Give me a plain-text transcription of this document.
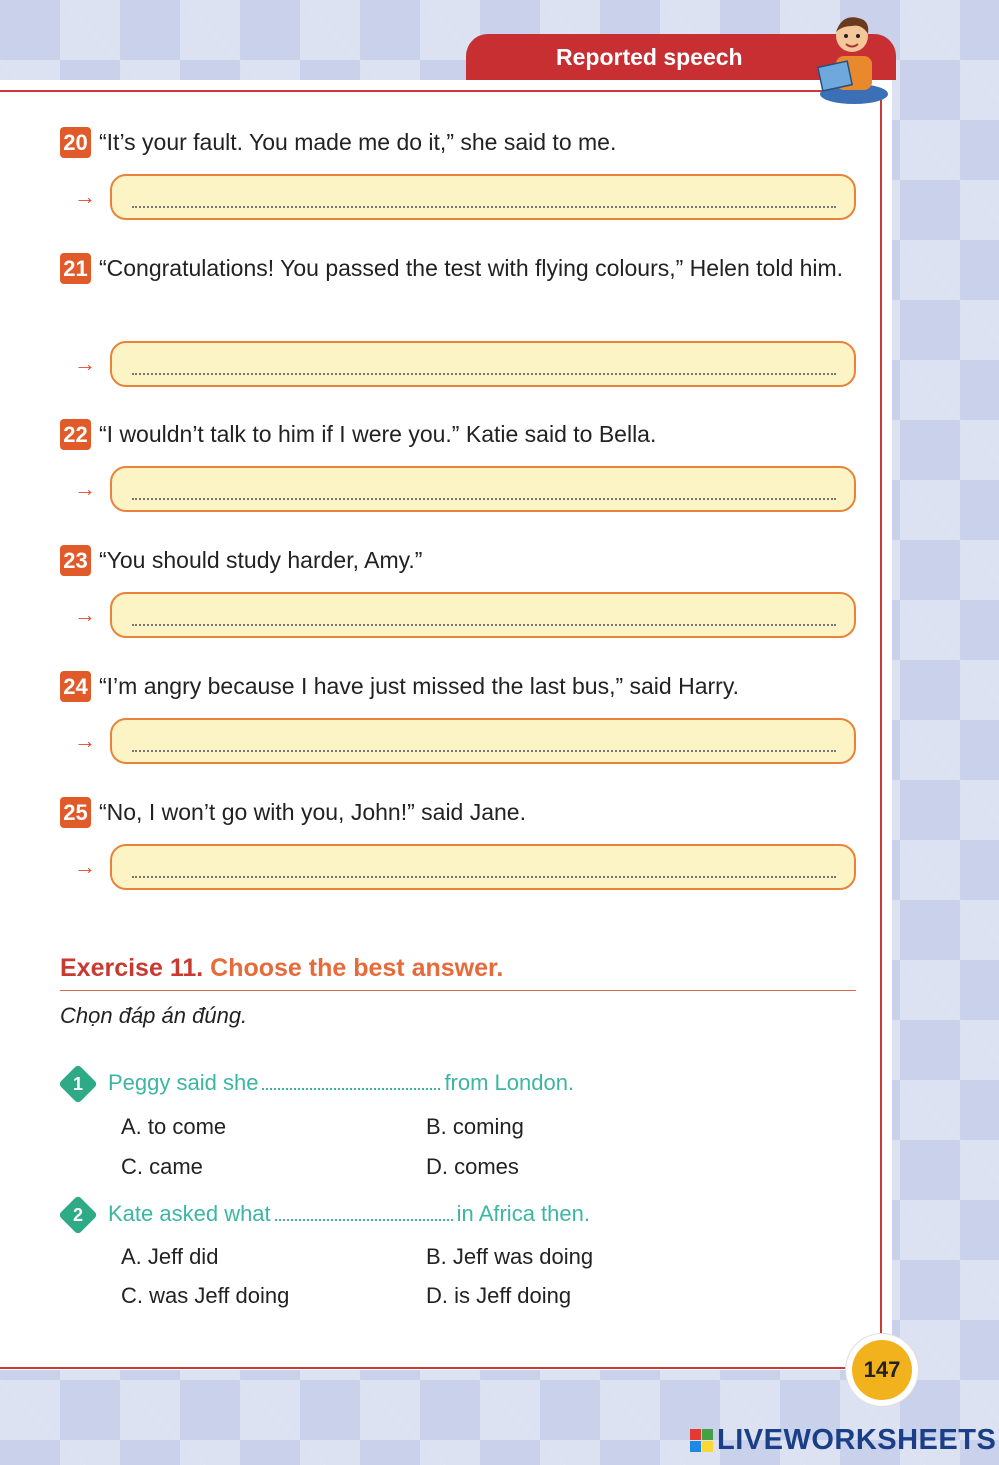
Reported speech
20 “It’s your fault. You made me do it,” she said to me.
→
21 “Congratulations! You passed the test with flying colours,” Helen told him.
→
22 “I wouldn’t talk to him if I were you.” Katie said to Bella.
→
23 “You should study harder, Amy.”
→
24 “I’m angry because I have just missed the last bus,” said Harry.
→
25 “No, I won’t go with you, John!” said Jane.
→
Exercise 11. Choose the best answer.
Chọn đáp án đúng.
1	Peggy said she	from London.
A. to come	B. coming
C. came	D. comes
2	Kate asked what	in Africa then.
A. Jeff did	B. Jeff was doing
C. was Jeff doing	D. is Jeff doing
147
LIVEWORKSHEETS
